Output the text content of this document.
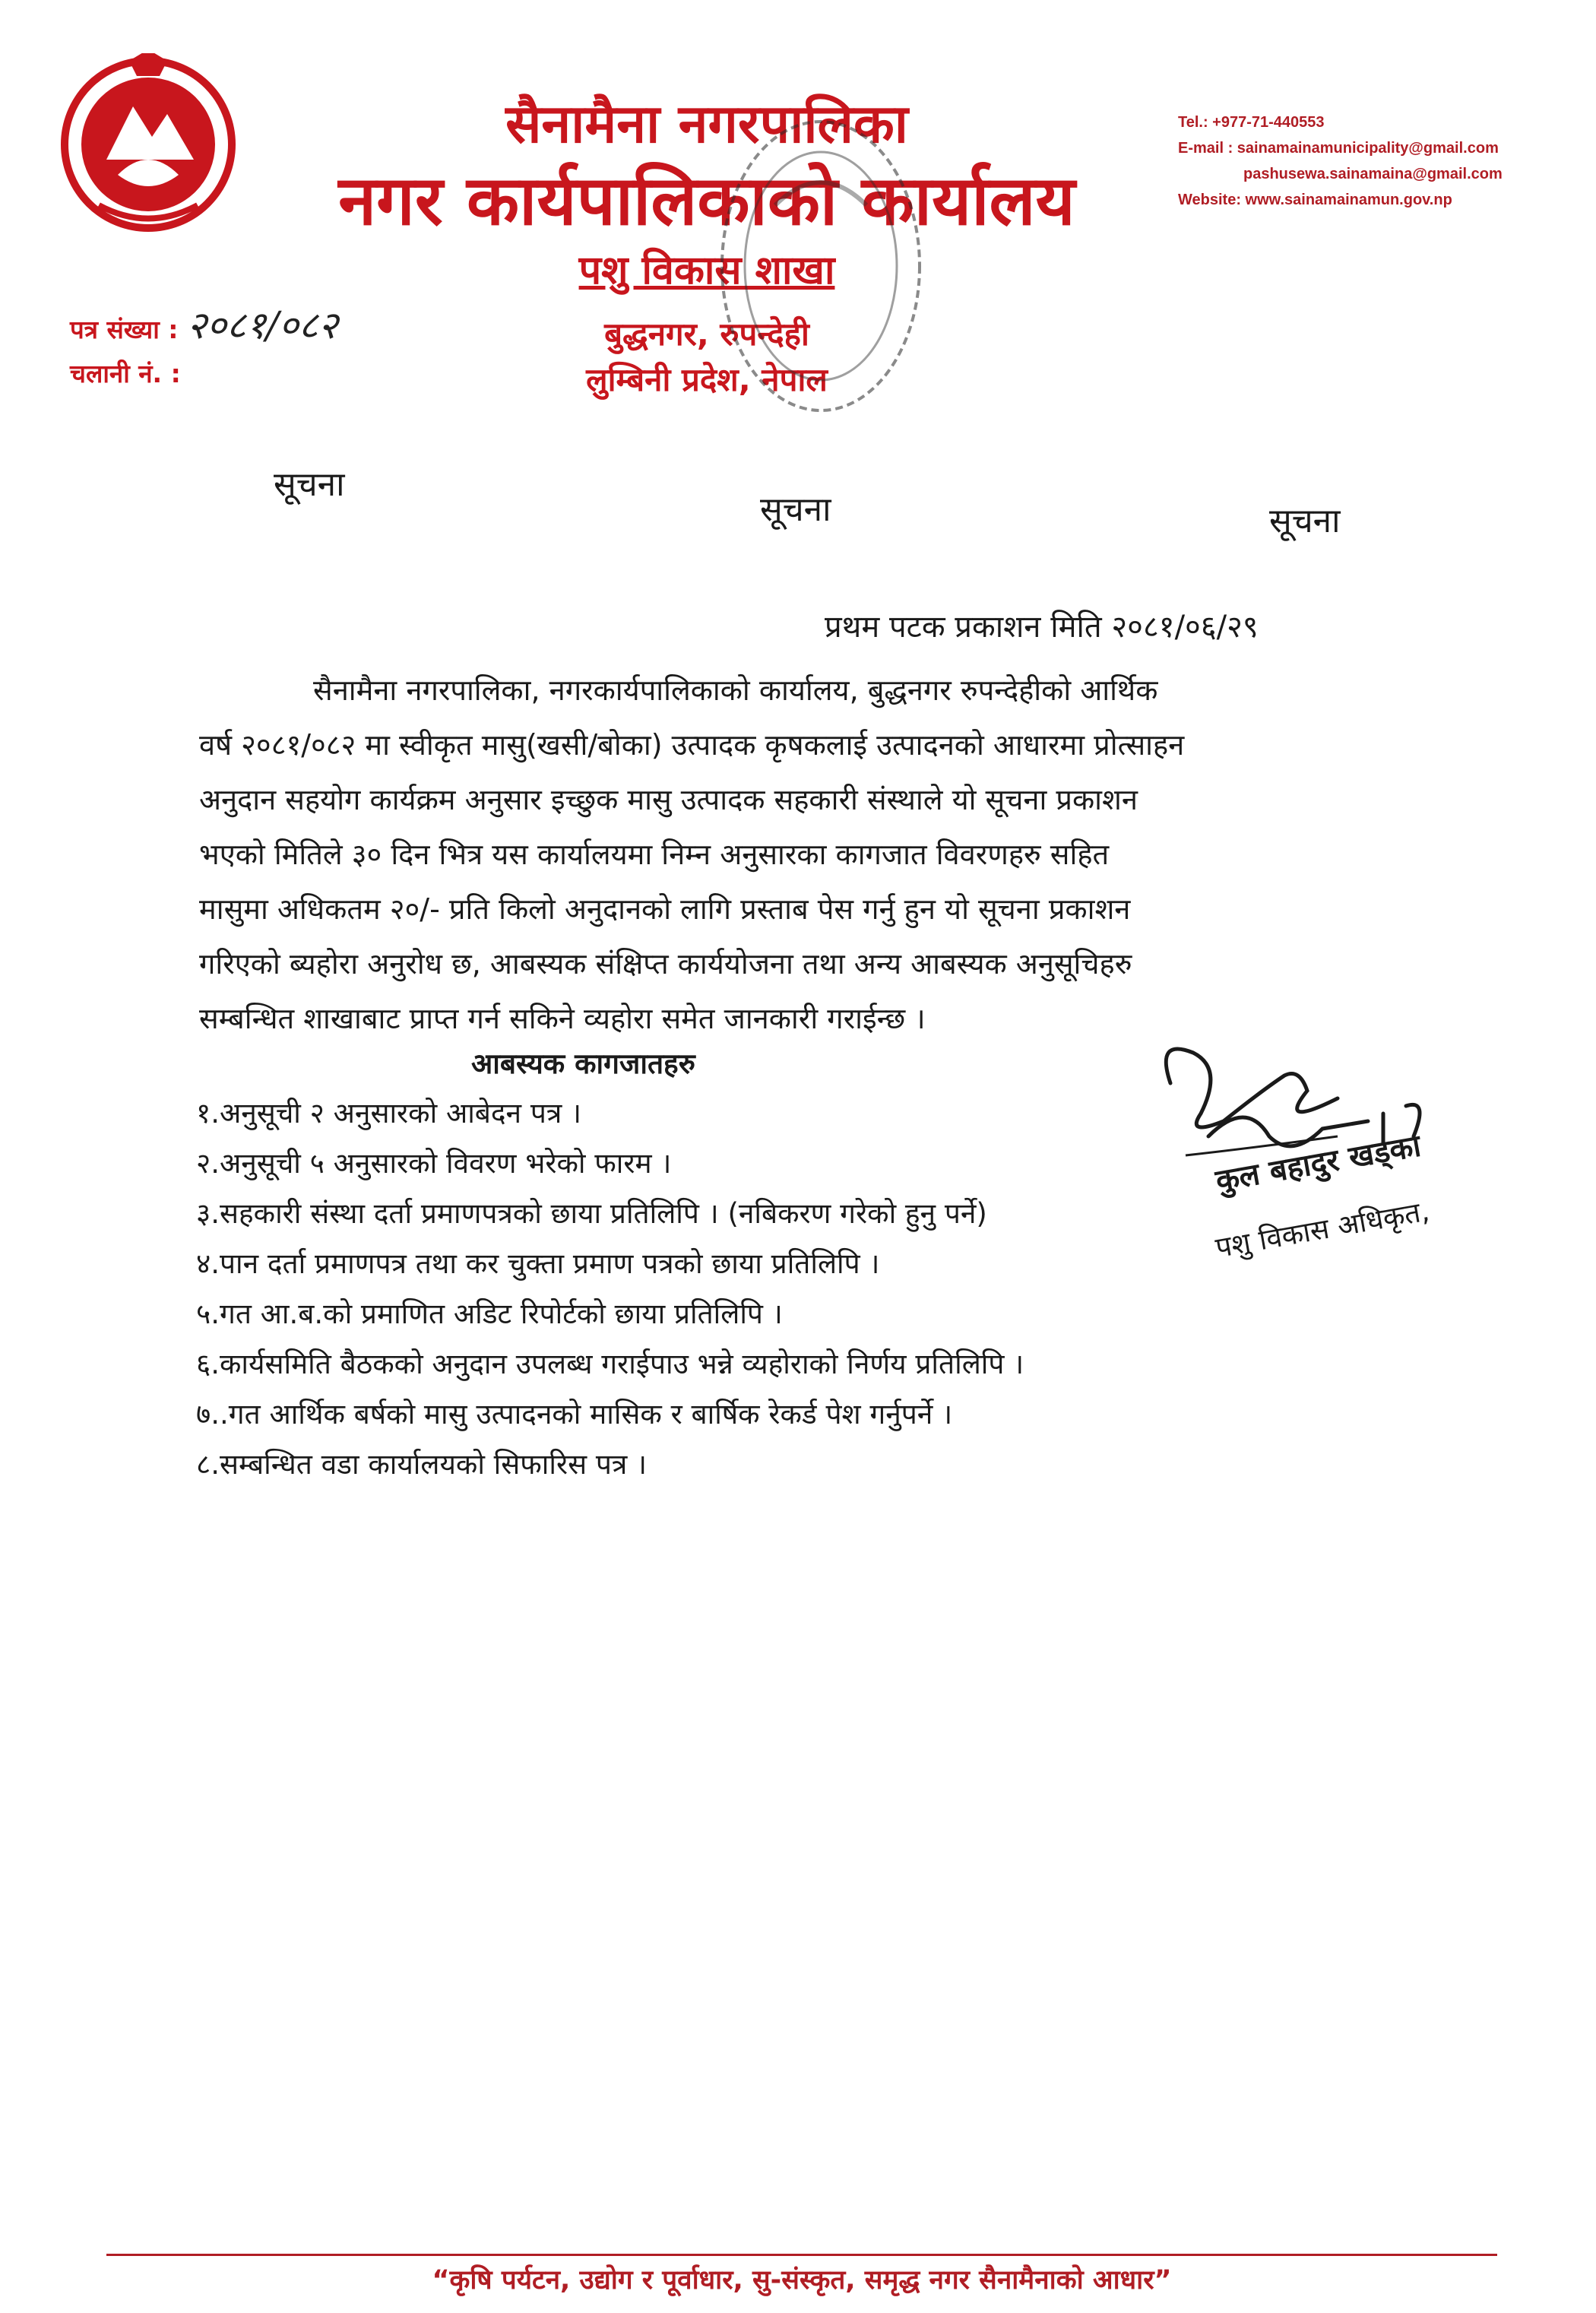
सैनामैना नगरपालिका
नगर कार्यपालिकाको कार्यालय
पशु विकास शाखा
बुद्धनगर, रुपन्देही
लुम्बिनी प्रदेश, नेपाल
Tel.: +977-71-440553
E-mail : sainamainamunicipality@gmail.com
pashusewa.sainamaina@gmail.com
Website: www.sainamainamun.gov.np
पत्र संख्या : २०८१/०८२
चलानी नं. :
सूचना
सूचना	सूचना
प्रथम पटक प्रकाशन मिति २०८१/०६/२९
सैनामैना नगरपालिका, नगरकार्यपालिकाको कार्यालय, बुद्धनगर रुपन्देहीको आर्थिक
वर्ष २०८१/०८२ मा स्वीकृत मासु(खसी/बोका) उत्पादक कृषकलाई उत्पादनको आधारमा प्रोत्साहन
अनुदान सहयोग कार्यक्रम अनुसार इच्छुक मासु उत्पादक सहकारी संस्थाले यो सूचना प्रकाशन
भएको मितिले ३० दिन भित्र यस कार्यालयमा निम्न अनुसारका कागजात विवरणहरु सहित
मासुमा अधिकतम २०/- प्रति किलो अनुदानको लागि प्रस्ताब पेस गर्नु हुन यो सूचना प्रकाशन
गरिएको ब्यहोरा अनुरोध छ, आबस्यक संक्षिप्त कार्ययोजना तथा अन्य आबस्यक अनुसूचिहरु
सम्बन्धित शाखाबाट प्राप्त गर्न सकिने व्यहोरा समेत जानकारी गराईन्छ ।
आबस्यक कागजातहरु
१.अनुसूची २ अनुसारको आबेदन पत्र ।
२.अनुसूची ५ अनुसारको विवरण भरेको फारम ।
३.सहकारी संस्था दर्ता प्रमाणपत्रको छाया प्रतिलिपि । (नबिकरण गरेको हुनु पर्ने)
४.पान दर्ता प्रमाणपत्र तथा कर चुक्ता प्रमाण पत्रको छाया प्रतिलिपि ।
५.गत आ.ब.को प्रमाणित अडिट रिपोर्टको छाया प्रतिलिपि ।
६.कार्यसमिति बैठकको अनुदान उपलब्ध गराईपाउ भन्ने व्यहोराको निर्णय प्रतिलिपि ।
७..गत आर्थिक बर्षको मासु उत्पादनको मासिक र बार्षिक रेकर्ड पेश गर्नुपर्ने ।
८.सम्बन्धित वडा कार्यालयको सिफारिस पत्र ।
कुल बहादुर खड्का
पशु विकास अधिकृत,
“कृषि पर्यटन, उद्योग र पूर्वाधार, सु-संस्कृत, समृद्ध नगर सैनामैनाको आधार”
